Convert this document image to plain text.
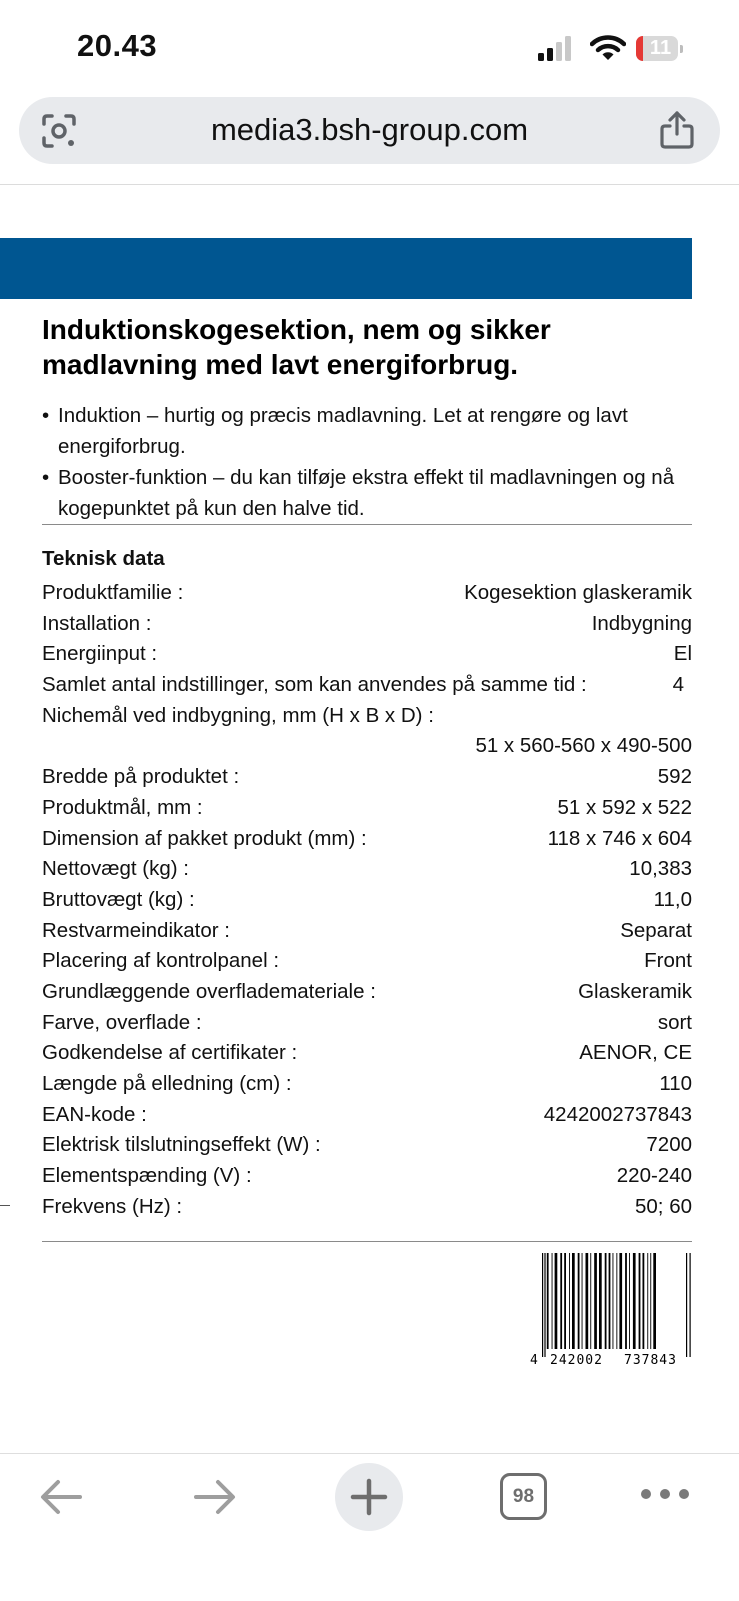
20.43	11
media3.bsh-group.com
Induktionskogesektion, nem og sikker madlavning med lavt energiforbrug.
• Induktion – hurtig og præcis madlavning. Let at rengøre og lavt energiforbrug.
• Booster-funktion – du kan tilføje ekstra effekt til madlavningen og nå kogepunktet på kun den halve tid.
Teknisk data
Produktfamilie :	Kogesektion glaskeramik
Installation :	Indbygning
Energiinput :	El
Samlet antal indstillinger, som kan anvendes på samme tid :	4
Nichemål ved indbygning, mm (H x B x D) :
51 x 560-560 x 490-500
Bredde på produktet :	592
Produktmål, mm :	51 x 592 x 522
Dimension af pakket produkt (mm) :	118 x 746 x 604
Nettovægt (kg) :	10,383
Bruttovægt (kg) :	11,0
Restvarmeindikator :	Separat
Placering af kontrolpanel :	Front
Grundlæggende overflademateriale :	Glaskeramik
Farve, overflade :	sort
Godkendelse af certifikater :	AENOR, CE
Længde på elledning (cm) :	110
EAN-kode :	4242002737843
Elektrisk tilslutningseffekt (W) :	7200
Elementspænding (V) :	220-240
Frekvens (Hz) :	50; 60
4 242002 737843
98
